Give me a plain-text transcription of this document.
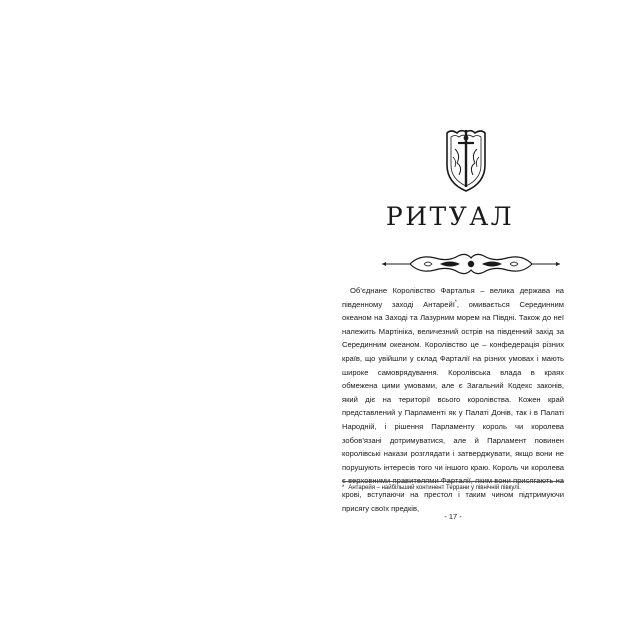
РИТУАЛ

Об’єднане Королівство Фарталья – велика держава на південному заході Антарейї*, омивається Серединним океаном на Заході та Лазурним морем на Півдні. Також до неї належить Мартініка, величезний острів на південний захід за Серединним океаном. Королівство це – конфедерація різних країв, що увійшли у склад Фарталії на різних умовах і мають широке самоврядування. Королівська влада в краях обмежена цими умовами, але є Загальний Кодекс законів, який діє на території всього королівства. Кожен край представлений у Парламенті як у Палаті Донів, так і в Палаті Народній, і рішення Парламенту король чи королева зобов’язані дотримуватися, але й Парламент повинен королівські накази розглядати і затверджувати, якщо вони не порушують інтересів того чи іншого краю. Король чи королева є верховними правителями Фарталії, яким вони присягають на крові, вступаючи на престол і таким чином підтримуючи присягу своїх предків,

* Антарейя – найбільший континент Террани у північній півкулі.

- 17 -
